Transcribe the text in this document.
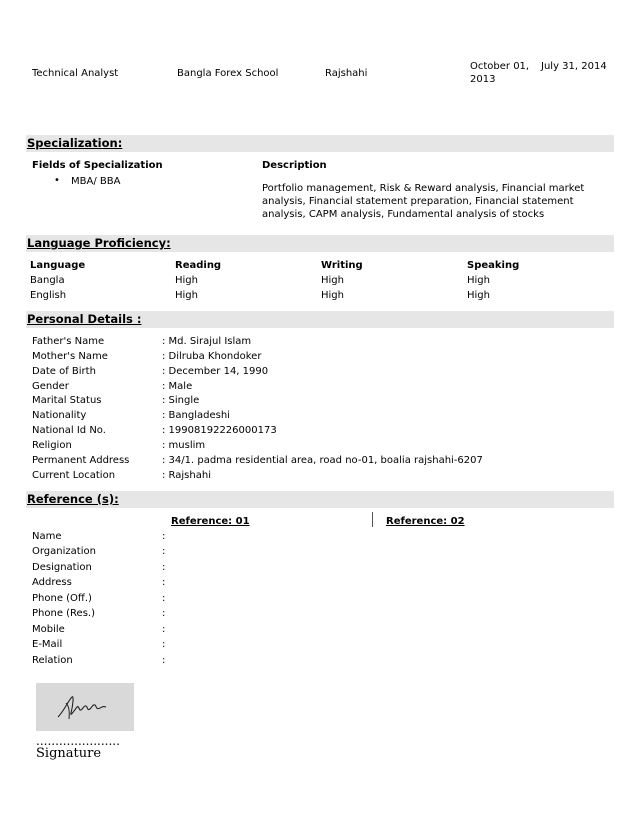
Technical Analyst	Bangla Forex School	Rajshahi
October 01, 2013
July 31, 2014
Specialization:
Fields of Specialization	Description
• MBA/ BBA
Portfolio management, Risk & Reward analysis, Financial market analysis, Financial statement preparation, Financial statement analysis, CAPM analysis, Fundamental analysis of stocks
Language Proficiency:
Language	Reading	Writing	Speaking
Bangla	High	High	High
English	High	High	High
Personal Details :
Father's Name	: Md. Sirajul Islam
Mother's Name	: Dilruba Khondoker
Date of Birth	: December 14, 1990
Gender	: Male
Marital Status	: Single
Nationality	: Bangladeshi
National Id No.	: 19908192226000173
Religion	: muslim
Permanent Address	: 34/1. padma residential area, road no-01, boalia rajshahi-6207
Current Location	: Rajshahi
Reference (s):
Reference: 01	Reference: 02
Name	:
Organization	:
Designation	:
Address	:
Phone (Off.)	:
Phone (Res.)	:
Mobile	:
E-Mail	:
Relation	:
......................
Signature
